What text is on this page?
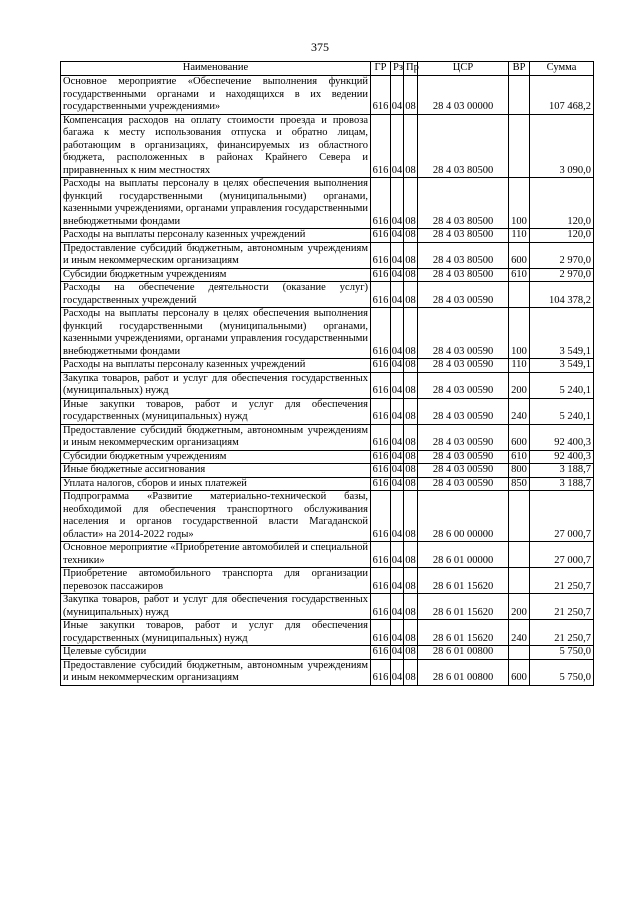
375
Наименование	ГР	Рз	Пр	ЦСР	ВР	Сумма
Основное мероприятие «Обеспечение выполнения функций государственными органами и находящихся в их ведении государственными учреждениями»	616	04	08	28 4 03 00000		107 468,2
Компенсация расходов на оплату стоимости проезда и провоза багажа к месту использования отпуска и обратно лицам, работающим в организациях, финансируемых из областного бюджета, расположенных в районах Крайнего Севера и приравненных к ним местностях	616	04	08	28 4 03 80500		3 090,0
Расходы на выплаты персоналу в целях обеспечения выполнения функций государственными (муниципальными) органами, казенными учреждениями, органами управления государственными внебюджетными фондами	616	04	08	28 4 03 80500	100	120,0
Расходы на выплаты персоналу казенных учреждений	616	04	08	28 4 03 80500	110	120,0
Предоставление субсидий бюджетным, автономным учреждениям и иным некоммерческим организациям	616	04	08	28 4 03 80500	600	2 970,0
Субсидии бюджетным учреждениям	616	04	08	28 4 03 80500	610	2 970,0
Расходы на обеспечение деятельности (оказание услуг) государственных учреждений	616	04	08	28 4 03 00590		104 378,2
Расходы на выплаты персоналу в целях обеспечения выполнения функций государственными (муниципальными) органами, казенными учреждениями, органами управления государственными внебюджетными фондами	616	04	08	28 4 03 00590	100	3 549,1
Расходы на выплаты персоналу казенных учреждений	616	04	08	28 4 03 00590	110	3 549,1
Закупка товаров, работ и услуг для обеспечения государственных (муниципальных) нужд	616	04	08	28 4 03 00590	200	5 240,1
Иные закупки товаров, работ и услуг для обеспечения государственных (муниципальных) нужд	616	04	08	28 4 03 00590	240	5 240,1
Предоставление субсидий бюджетным, автономным учреждениям и иным некоммерческим организациям	616	04	08	28 4 03 00590	600	92 400,3
Субсидии бюджетным учреждениям	616	04	08	28 4 03 00590	610	92 400,3
Иные бюджетные ассигнования	616	04	08	28 4 03 00590	800	3 188,7
Уплата налогов, сборов и иных платежей	616	04	08	28 4 03 00590	850	3 188,7
Подпрограмма «Развитие материально-технической базы, необходимой для обеспечения транспортного обслуживания населения и органов государственной власти Магаданской области» на 2014-2022 годы»	616	04	08	28 6 00 00000		27 000,7
Основное мероприятие «Приобретение автомобилей и специальной техники»	616	04	08	28 6 01 00000		27 000,7
Приобретение автомобильного транспорта для организации перевозок пассажиров	616	04	08	28 6 01 15620		21 250,7
Закупка товаров, работ и услуг для обеспечения государственных (муниципальных) нужд	616	04	08	28 6 01 15620	200	21 250,7
Иные закупки товаров, работ и услуг для обеспечения государственных (муниципальных) нужд	616	04	08	28 6 01 15620	240	21 250,7
Целевые субсидии	616	04	08	28 6 01 00800		5 750,0
Предоставление субсидий бюджетным, автономным учреждениям и иным некоммерческим организациям	616	04	08	28 6 01 00800	600	5 750,0
